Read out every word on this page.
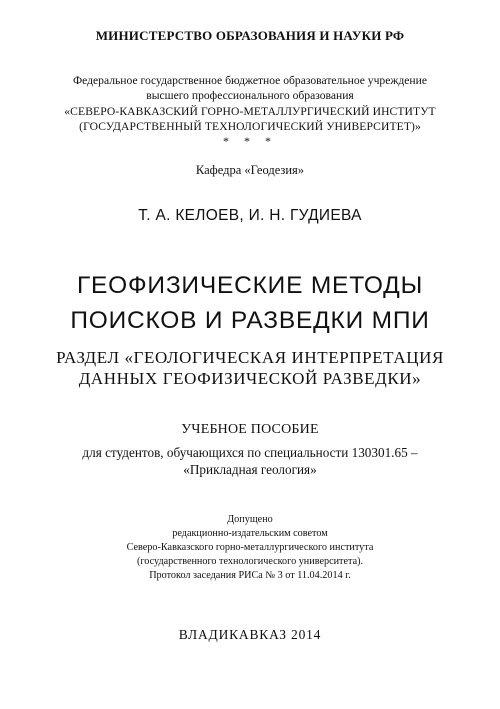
МИНИСТЕРСТВО ОБРАЗОВАНИЯ И НАУКИ РФ
Федеральное государственное бюджетное образовательное учреждение
высшего профессионального образования
«СЕВЕРО-КАВКАЗСКИЙ ГОРНО-МЕТАЛЛУРГИЧЕСКИЙ ИНСТИТУТ
(ГОСУДАРСТВЕННЫЙ ТЕХНОЛОГИЧЕСКИЙ УНИВЕРСИТЕТ)»
* * *
Кафедра «Геодезия»
Т. А. КЕЛОЕВ, И. Н. ГУДИЕВА
ГЕОФИЗИЧЕСКИЕ МЕТОДЫ
ПОИСКОВ И РАЗВЕДКИ МПИ
РАЗДЕЛ «ГЕОЛОГИЧЕСКАЯ ИНТЕРПРЕТАЦИЯ
ДАННЫХ ГЕОФИЗИЧЕСКОЙ РАЗВЕДКИ»
УЧЕБНОЕ ПОСОБИЕ
для студентов, обучающихся по специальности 130301.65 –
«Прикладная геология»
Допущено
редакционно-издательским советом
Северо-Кавказского горно-металлургического института
(государственного технологического университета).
Протокол заседания РИСа № 3 от 11.04.2014 г.
ВЛАДИКАВКАЗ 2014
